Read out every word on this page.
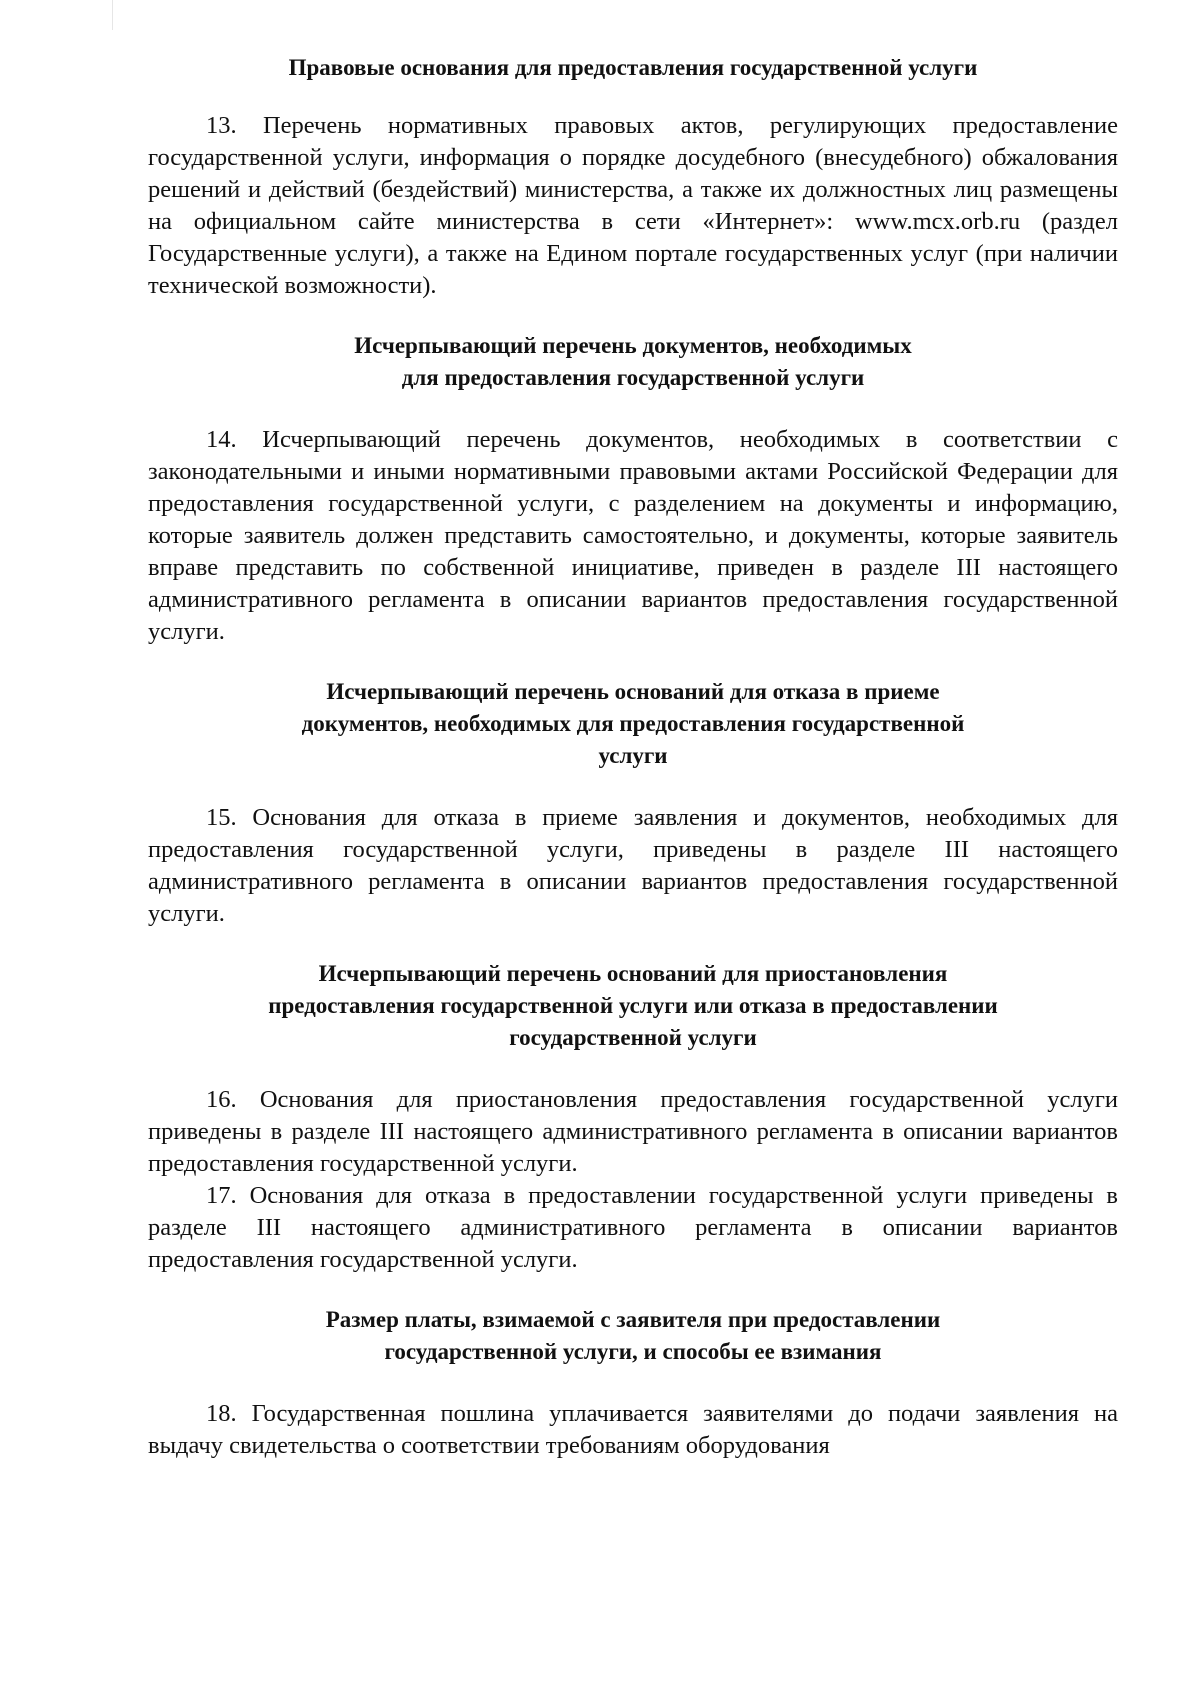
Правовые основания для предоставления государственной услуги

13. Перечень нормативных правовых актов, регулирующих предоставление государственной услуги, информация о порядке досудебного (внесудебного) обжалования решений и действий (бездействий) министерства, а также их должностных лиц размещены на официальном сайте министерства в сети «Интернет»: www.mcx.orb.ru (раздел Государственные услуги), а также на Едином портале государственных услуг (при наличии технической возможности).

Исчерпывающий перечень документов, необходимых
для предоставления государственной услуги

14. Исчерпывающий перечень документов, необходимых в соответствии с законодательными и иными нормативными правовыми актами Российской Федерации для предоставления государственной услуги, с разделением на документы и информацию, которые заявитель должен представить самостоятельно, и документы, которые заявитель вправе представить по собственной инициативе, приведен в разделе III настоящего административного регламента в описании вариантов предоставления государственной услуги.

Исчерпывающий перечень оснований для отказа в приеме
документов, необходимых для предоставления государственной
услуги

15. Основания для отказа в приеме заявления и документов, необходимых для предоставления государственной услуги, приведены в разделе III настоящего административного регламента в описании вариантов предоставления государственной услуги.

Исчерпывающий перечень оснований для приостановления
предоставления государственной услуги или отказа в предоставлении
государственной услуги

16. Основания для приостановления предоставления государственной услуги приведены в разделе III настоящего административного регламента в описании вариантов предоставления государственной услуги.

17. Основания для отказа в предоставлении государственной услуги приведены в разделе III настоящего административного регламента в описании вариантов предоставления государственной услуги.

Размер платы, взимаемой с заявителя при предоставлении
государственной услуги, и способы ее взимания

18. Государственная пошлина уплачивается заявителями до подачи заявления на выдачу свидетельства о соответствии требованиям оборудования
